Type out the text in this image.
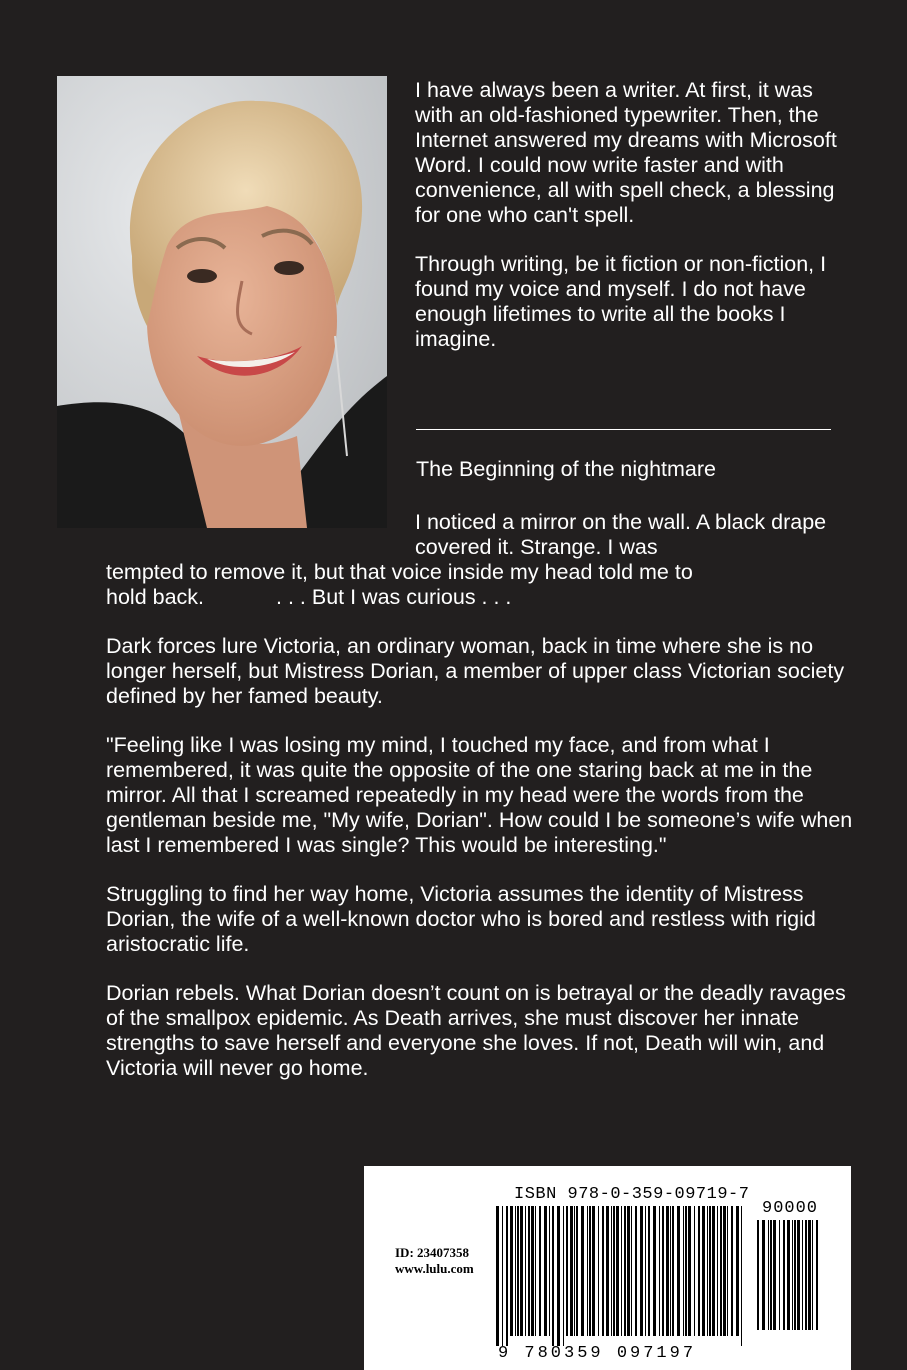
I have always been a writer. At first, it was with an old-fashioned typewriter. Then, the Internet answered my dreams with Microsoft Word. I could now write faster and with convenience, all with spell check, a blessing for one who can't spell.

Through writing, be it fiction or non-fiction, I found my voice and myself. I do not have enough lifetimes to write all the books I imagine.

The Beginning of the nightmare
I noticed a mirror on the wall. A black drape covered it. Strange. I was
tempted to remove it, but that voice inside my head told me to
hold back.	. . . But I was curious . . .

Dark forces lure Victoria, an ordinary woman, back in time where she is no longer herself, but Mistress Dorian, a member of upper class Victorian society defined by her famed beauty.

"Feeling like I was losing my mind, I touched my face, and from what I remembered, it was quite the opposite of the one staring back at me in the mirror. All that I screamed repeatedly in my head were the words from the gentleman beside me, "My wife, Dorian". How could I be someone’s wife when last I remembered I was single? This would be interesting."

Struggling to find her way home, Victoria assumes the identity of Mistress Dorian, the wife of a well-known doctor who is bored and restless with rigid aristocratic life.

Dorian rebels. What Dorian doesn’t count on is betrayal or the deadly ravages of the smallpox epidemic. As Death arrives, she must discover her innate strengths to save herself and everyone she loves. If not, Death will win, and Victoria will never go home.

ISBN 978-0-359-09719-7
90000
9 780359 097197
ID: 23407358
www.lulu.com
